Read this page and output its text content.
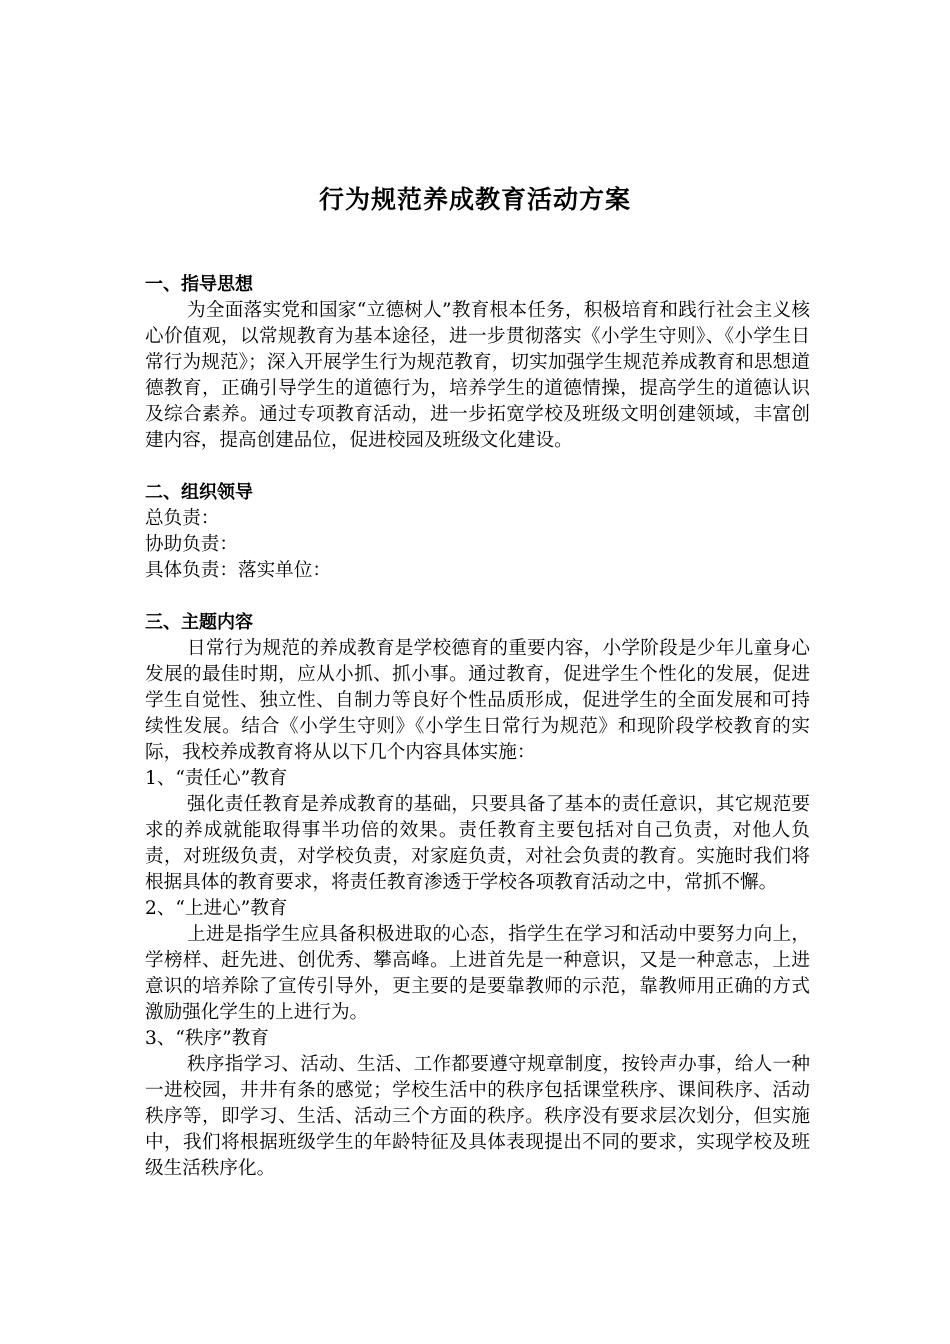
行为规范养成教育活动方案

一、指导思想

为全面落实党和国家“立德树人”教育根本任务，积极培育和践行社会主义核心价值观，以常规教育为基本途径，进一步贯彻落实《小学生守则》、《小学生日常行为规范》；深入开展学生行为规范教育，切实加强学生规范养成教育和思想道德教育，正确引导学生的道德行为，培养学生的道德情操，提高学生的道德认识及综合素养。通过专项教育活动，进一步拓宽学校及班级文明创建领域，丰富创建内容，提高创建品位，促进校园及班级文化建设。

二、组织领导

总负责：

协助负责：

具体负责：落实单位：

三、主题内容

日常行为规范的养成教育是学校德育的重要内容，小学阶段是少年儿童身心发展的最佳时期，应从小抓、抓小事。通过教育，促进学生个性化的发展，促进学生自觉性、独立性、自制力等良好个性品质形成，促进学生的全面发展和可持续性发展。结合《小学生守则》《小学生日常行为规范》和现阶段学校教育的实际，我校养成教育将从以下几个内容具体实施：

1、“责任心”教育

强化责任教育是养成教育的基础，只要具备了基本的责任意识，其它规范要求的养成就能取得事半功倍的效果。责任教育主要包括对自己负责，对他人负责，对班级负责，对学校负责，对家庭负责，对社会负责的教育。实施时我们将根据具体的教育要求，将责任教育渗透于学校各项教育活动之中，常抓不懈。

2、“上进心”教育

上进是指学生应具备积极进取的心态，指学生在学习和活动中要努力向上，学榜样、赶先进、创优秀、攀高峰。上进首先是一种意识，又是一种意志，上进意识的培养除了宣传引导外，更主要的是要靠教师的示范，靠教师用正确的方式激励强化学生的上进行为。

3、“秩序”教育

秩序指学习、活动、生活、工作都要遵守规章制度，按铃声办事，给人一种一进校园，井井有条的感觉；学校生活中的秩序包括课堂秩序、课间秩序、活动秩序等，即学习、生活、活动三个方面的秩序。秩序没有要求层次划分，但实施中，我们将根据班级学生的年龄特征及具体表现提出不同的要求，实现学校及班级生活秩序化。
